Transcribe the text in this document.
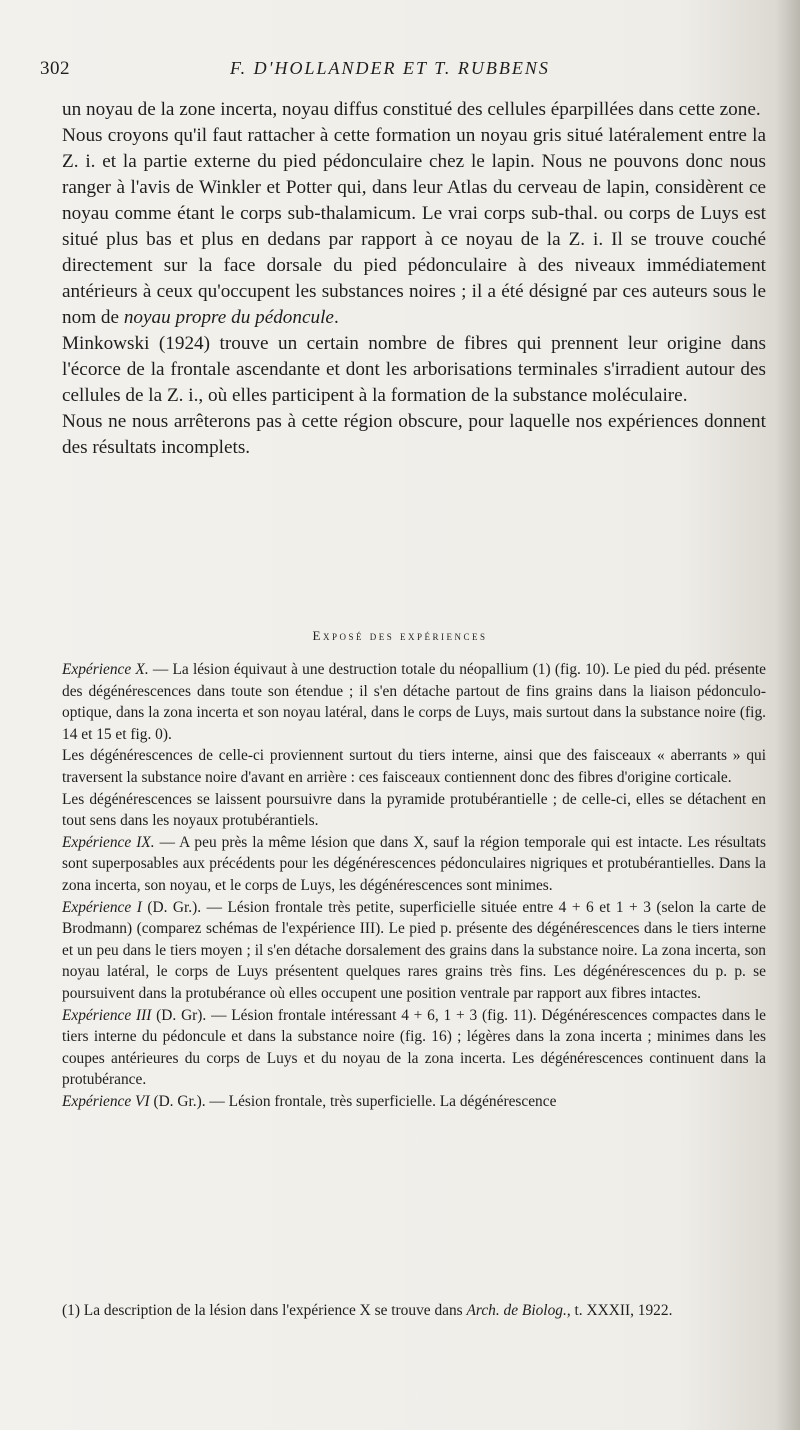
302	F. D'HOLLANDER ET T. RUBBENS

un noyau de la zone incerta, noyau diffus constitué des cellules éparpillées dans cette zone.

Nous croyons qu'il faut rattacher à cette formation un noyau gris situé latéralement entre la Z. i. et la partie externe du pied pédonculaire chez le lapin. Nous ne pouvons donc nous ranger à l'avis de Winkler et Potter qui, dans leur Atlas du cerveau de lapin, considèrent ce noyau comme étant le corps sub-thalamicum. Le vrai corps sub-thal. ou corps de Luys est situé plus bas et plus en dedans par rapport à ce noyau de la Z. i. Il se trouve couché directement sur la face dorsale du pied pédonculaire à des niveaux immédiatement antérieurs à ceux qu'occupent les substances noires ; il a été désigné par ces auteurs sous le nom de noyau propre du pédoncule.

Minkowski (1924) trouve un certain nombre de fibres qui prennent leur origine dans l'écorce de la frontale ascendante et dont les arborisations terminales s'irradient autour des cellules de la Z. i., où elles participent à la formation de la substance moléculaire.

Nous ne nous arrêterons pas à cette région obscure, pour laquelle nos expériences donnent des résultats incomplets.

Exposé des expériences

Expérience X. — La lésion équivaut à une destruction totale du néopallium (1) (fig. 10). Le pied du péd. présente des dégénérescences dans toute son étendue ; il s'en détache partout de fins grains dans la liaison pédonculo-optique, dans la zona incerta et son noyau latéral, dans le corps de Luys, mais surtout dans la substance noire (fig. 14 et 15 et fig. 0).

Les dégénérescences de celle-ci proviennent surtout du tiers interne, ainsi que des faisceaux « aberrants » qui traversent la substance noire d'avant en arrière : ces faisceaux contiennent donc des fibres d'origine corticale.

Les dégénérescences se laissent poursuivre dans la pyramide protubérantielle ; de celle-ci, elles se détachent en tout sens dans les noyaux protubérantiels.

Expérience IX. — A peu près la même lésion que dans X, sauf la région temporale qui est intacte. Les résultats sont superposables aux précédents pour les dégénérescences pédonculaires nigriques et protubérantielles. Dans la zona incerta, son noyau, et le corps de Luys, les dégénérescences sont minimes.

Expérience I (D. Gr.). — Lésion frontale très petite, superficielle située entre 4 + 6 et 1 + 3 (selon la carte de Brodmann) (comparez schémas de l'expérience III). Le pied p. présente des dégénérescences dans le tiers interne et un peu dans le tiers moyen ; il s'en détache dorsalement des grains dans la substance noire. La zona incerta, son noyau latéral, le corps de Luys présentent quelques rares grains très fins. Les dégénérescences du p. p. se poursuivent dans la protubérance où elles occupent une position ventrale par rapport aux fibres intactes.

Expérience III (D. Gr). — Lésion frontale intéressant 4 + 6, 1 + 3 (fig. 11). Dégénérescences compactes dans le tiers interne du pédoncule et dans la substance noire (fig. 16) ; légères dans la zona incerta ; minimes dans les coupes antérieures du corps de Luys et du noyau de la zona incerta. Les dégénérescences continuent dans la protubérance.

Expérience VI (D. Gr.). — Lésion frontale, très superficielle. La dégénérescence

(1) La description de la lésion dans l'expérience X se trouve dans Arch. de Biolog., t. XXXII, 1922.
